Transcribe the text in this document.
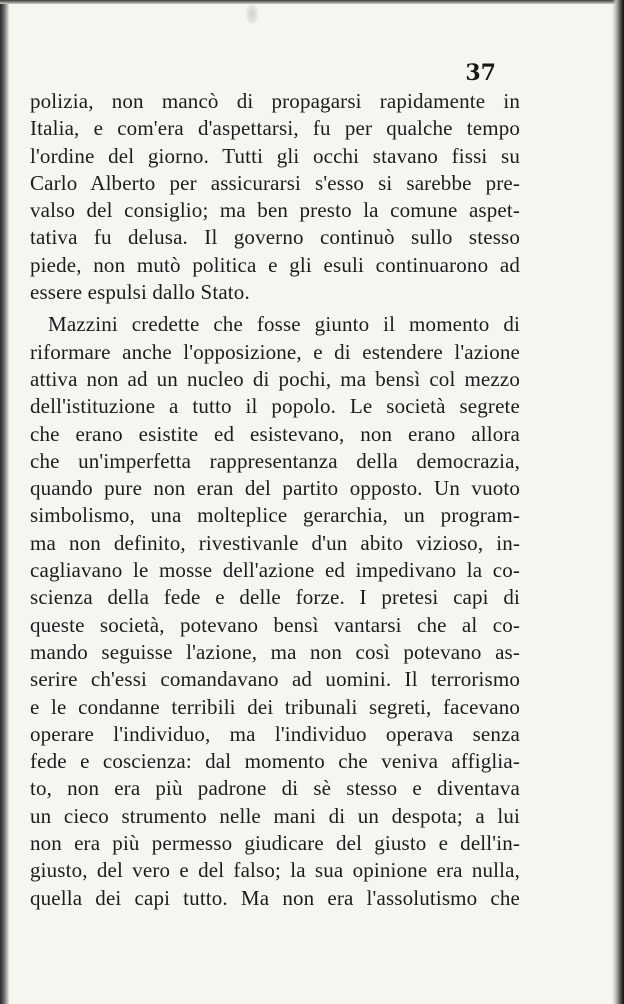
37
polizia, non mancò di propagarsi rapidamente in
Italia, e com'era d'aspettarsi, fu per qualche tempo
l'ordine del giorno. Tutti gli occhi stavano fissi su
Carlo Alberto per assicurarsi s'esso si sarebbe pre-
valso del consiglio; ma ben presto la comune aspet-
tativa fu delusa. Il governo continuò sullo stesso
piede, non mutò politica e gli esuli continuarono ad
essere espulsi dallo Stato.
Mazzini credette che fosse giunto il momento di
riformare anche l'opposizione, e di estendere l'azione
attiva non ad un nucleo di pochi, ma bensì col mezzo
dell'istituzione a tutto il popolo. Le società segrete
che erano esistite ed esistevano, non erano allora
che un'imperfetta rappresentanza della democrazia,
quando pure non eran del partito opposto. Un vuoto
simbolismo, una molteplice gerarchia, un program-
ma non definito, rivestivanle d'un abito vizioso, in-
cagliavano le mosse dell'azione ed impedivano la co-
scienza della fede e delle forze. I pretesi capi di
queste società, potevano bensì vantarsi che al co-
mando seguisse l'azione, ma non così potevano as-
serire ch'essi comandavano ad uomini. Il terrorismo
e le condanne terribili dei tribunali segreti, facevano
operare l'individuo, ma l'individuo operava senza
fede e coscienza: dal momento che veniva affiglia-
to, non era più padrone di sè stesso e diventava
un cieco strumento nelle mani di un despota; a lui
non era più permesso giudicare del giusto e dell'in-
giusto, del vero e del falso; la sua opinione era nulla,
quella dei capi tutto. Ma non era l'assolutismo che
